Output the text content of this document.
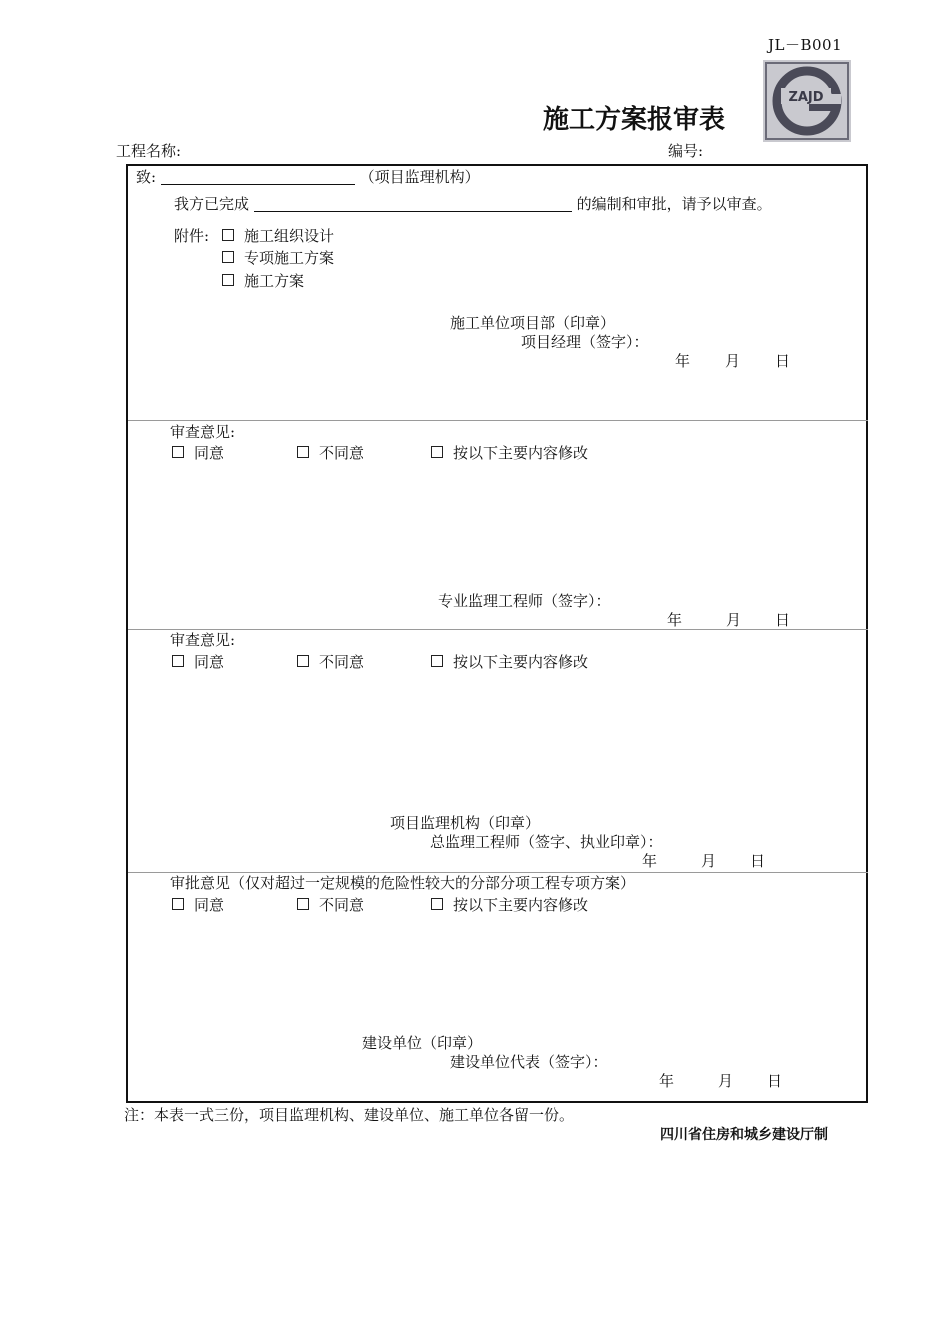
JL－B001
ZAJD
施工方案报审表
工程名称:	编号:
致:	（项目监理机构）
我方已完成	的编制和审批，请予以审查。
附件:	施工组织设计
专项施工方案
施工方案
施工单位项目部（印章）
项目经理（签字）：
年 月 日
审查意见:
同意	不同意	按以下主要内容修改
专业监理工程师（签字）：
年	月 日
审查意见:
同意	不同意	按以下主要内容修改
项目监理机构（印章）
总监理工程师（签字、执业印章）：
年	月 日
审批意见（仅对超过一定规模的危险性较大的分部分项工程专项方案）
同意	不同意	按以下主要内容修改
建设单位（印章）
建设单位代表（签字）：
年	月 日
注：本表一式三份，项目监理机构、建设单位、施工单位各留一份。
四川省住房和城乡建设厅制
